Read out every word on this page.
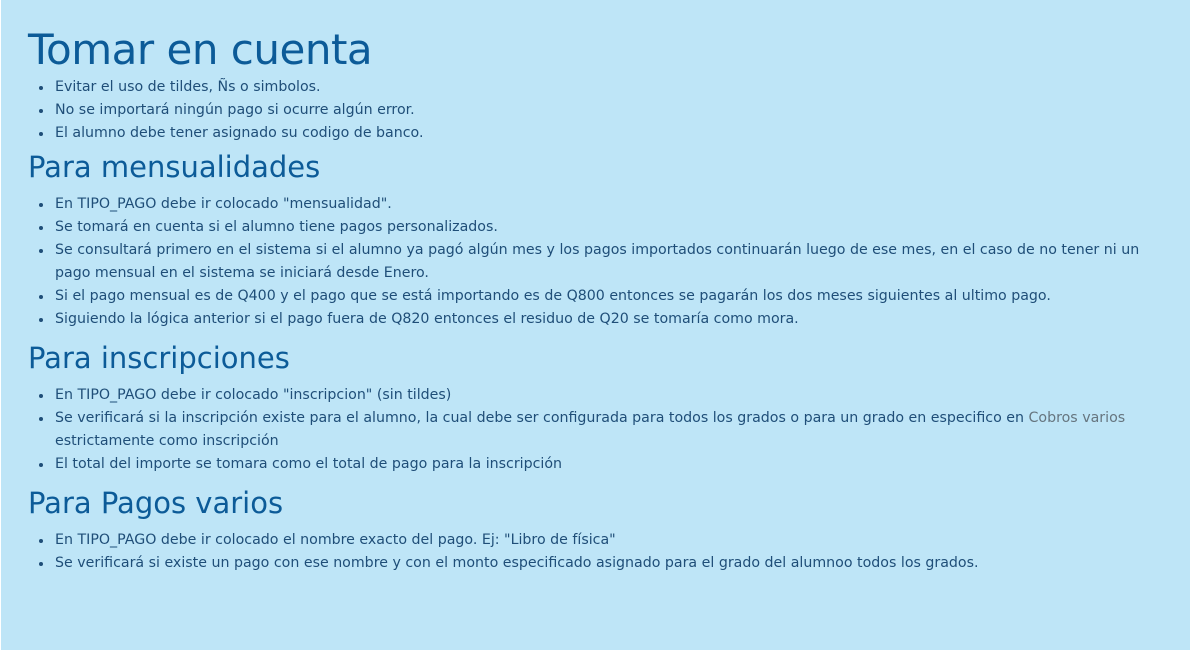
Tomar en cuenta
Evitar el uso de tildes, Ñs o simbolos.
No se importará ningún pago si ocurre algún error.
El alumno debe tener asignado su codigo de banco.
Para mensualidades
En TIPO_PAGO debe ir colocado "mensualidad".
Se tomará en cuenta si el alumno tiene pagos personalizados.
Se consultará primero en el sistema si el alumno ya pagó algún mes y los pagos importados continuarán luego de ese mes, en el caso de no tener ni un pago mensual en el sistema se iniciará desde Enero.
Si el pago mensual es de Q400 y el pago que se está importando es de Q800 entonces se pagarán los dos meses siguientes al ultimo pago.
Siguiendo la lógica anterior si el pago fuera de Q820 entonces el residuo de Q20 se tomaría como mora.
Para inscripciones
En TIPO_PAGO debe ir colocado "inscripcion" (sin tildes)
Se verificará si la inscripción existe para el alumno, la cual debe ser configurada para todos los grados o para un grado en especifico en Cobros varios estrictamente como inscripción
El total del importe se tomara como el total de pago para la inscripción
Para Pagos varios
En TIPO_PAGO debe ir colocado el nombre exacto del pago. Ej: "Libro de física"
Se verificará si existe un pago con ese nombre y con el monto especificado asignado para el grado del alumnoo todos los grados.
